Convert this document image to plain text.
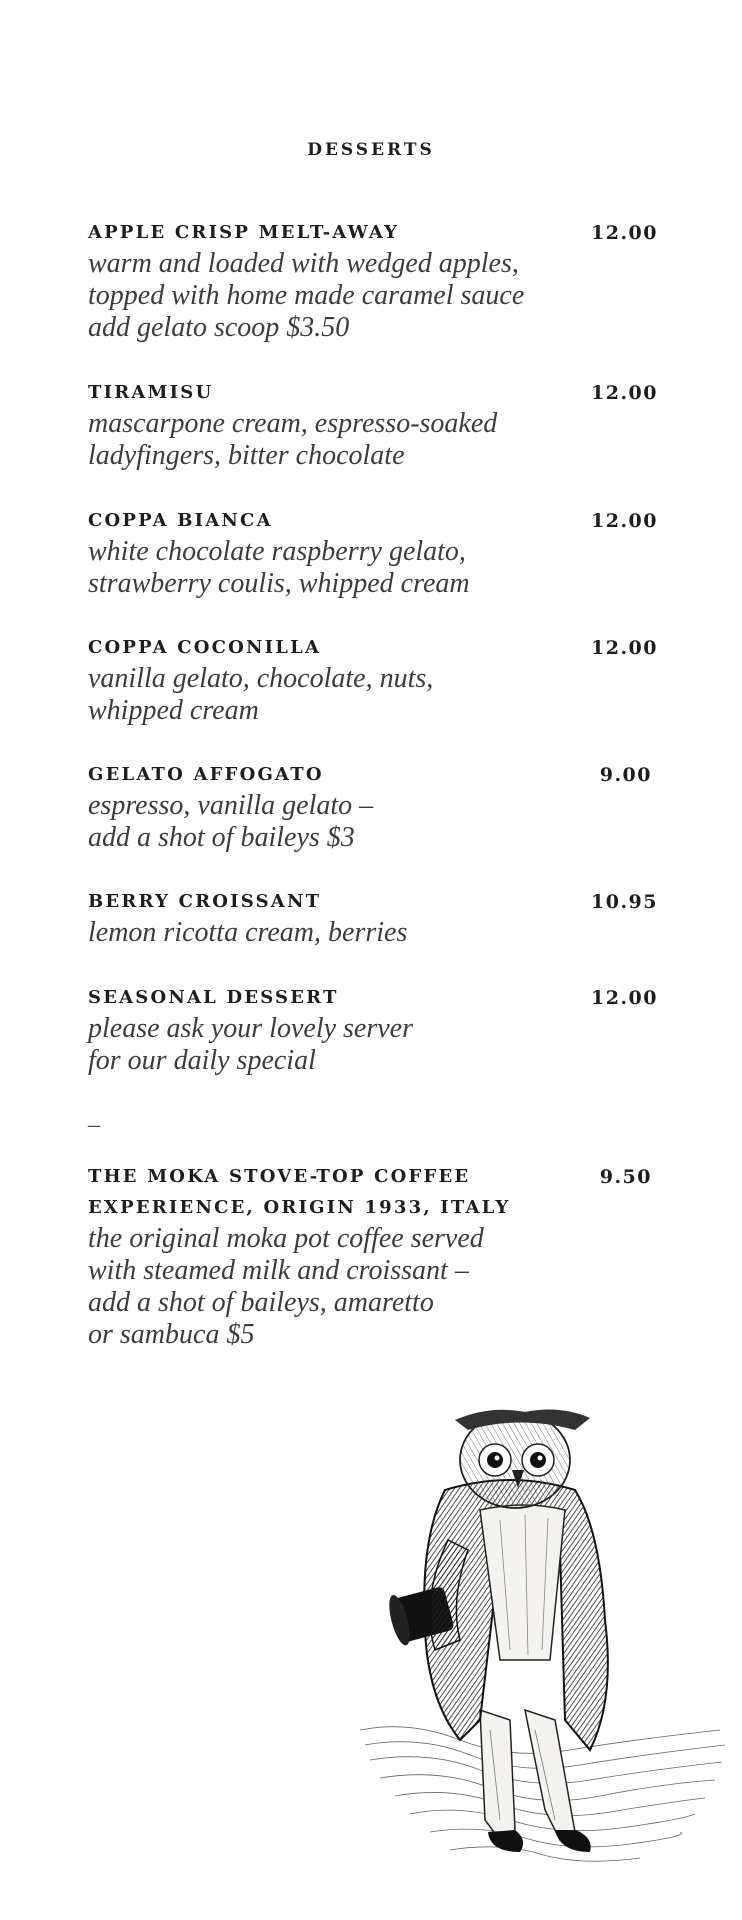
DESSERTS
APPLE CRISP MELT-AWAY	12.00
warm and loaded with wedged apples,
topped with home made caramel sauce
add gelato scoop $3.50
TIRAMISU	12.00
mascarpone cream, espresso-soaked
ladyfingers, bitter chocolate
COPPA BIANCA	12.00
white chocolate raspberry gelato,
strawberry coulis, whipped cream
COPPA COCONILLA	12.00
vanilla gelato, chocolate, nuts,
whipped cream
GELATO AFFOGATO	9.00
espresso, vanilla gelato –
add a shot of baileys $3
BERRY CROISSANT	10.95
lemon ricotta cream, berries
SEASONAL DESSERT	12.00
please ask your lovely server
for our daily special
–
THE MOKA STOVE-TOP COFFEE
EXPERIENCE, ORIGIN 1933, ITALY
9.50
the original moka pot coffee served
with steamed milk and croissant –
add a shot of baileys, amaretto
or sambuca $5
